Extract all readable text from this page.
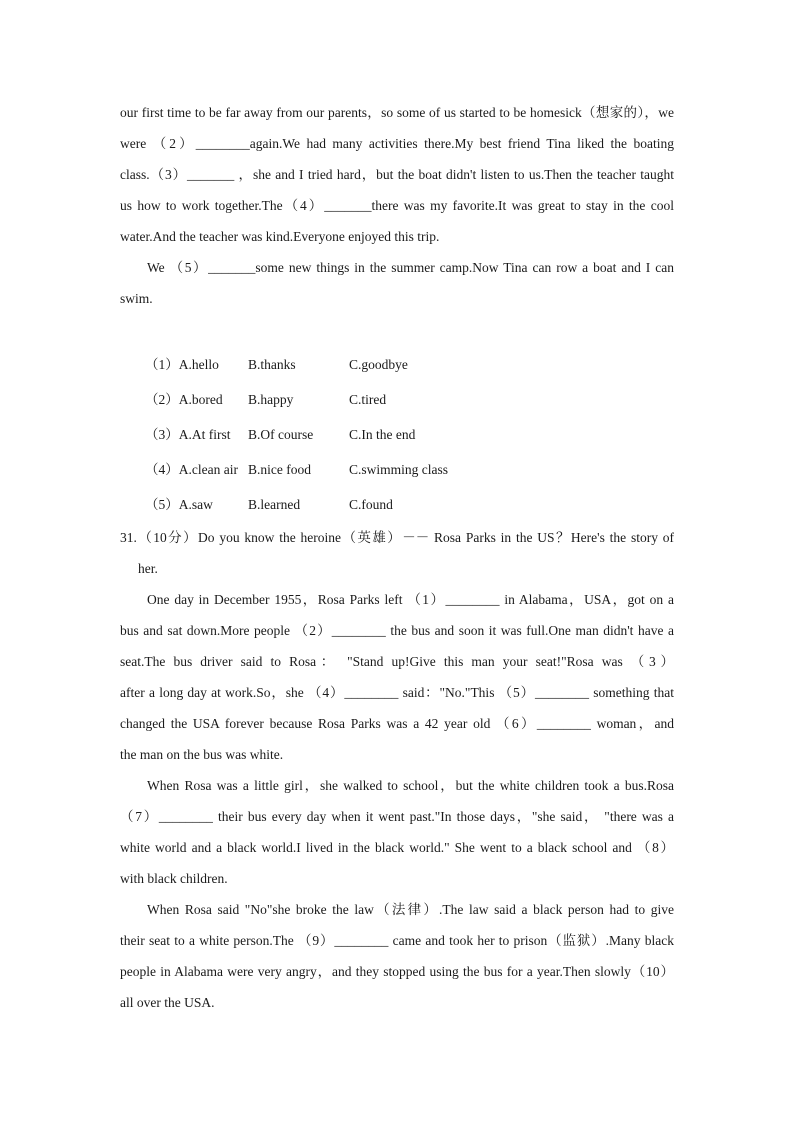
our first time to be far away from our parents，so some of us started to be homesick（想家的），we
were （2）________again.We had many activities there.My best friend Tina liked the boating
class.（3）_______ ，she and I tried hard，but the boat didn't listen to us.Then the teacher taught
us how to work together.The（4）_______there was my favorite.It was great to stay in the cool
water.And the teacher was kind.Everyone enjoyed this trip.
We （5）_______some new things in the summer camp.Now Tina can row a boat and I can
swim.
（1）A.hello	B.thanks	C.goodbye
（2）A.bored	B.happy	C.tired
（3）A.At first	B.Of course	C.In the end
（4）A.clean air B.nice food	C.swimming class
（5）A.saw	B.learned	C.found
31.（10分）Do you know the heroine（英雄）－－ Rosa Parks in the US？Here's the story of
her.
One day in December 1955，Rosa Parks left （1）________ in Alabama，USA，got on a
bus and sat down.More people （2）________ the bus and soon it was full.One man didn't have a
seat.The bus driver said to Rosa： "Stand up!Give this man your seat!"Rosa was （3）
after a long day at work.So，she （4）________ said："No."This （5）________ something that
changed the USA forever because Rosa Parks was a 42 year old （6）________ woman，and
the man on the bus was white.
When Rosa was a little girl，she walked to school，but the white children took a bus.Rosa
（7）________ their bus every day when it went past."In those days，"she said， "there was a
white world and a black world.I lived in the black world." She went to a black school and （8）
with black children.
When Rosa said "No"she broke the law（法律）.The law said a black person had to give
their seat to a white person.The （9）________ came and took her to prison（监狱）.Many black
people in Alabama were very angry，and they stopped using the bus for a year.Then slowly（10）
all over the USA.
